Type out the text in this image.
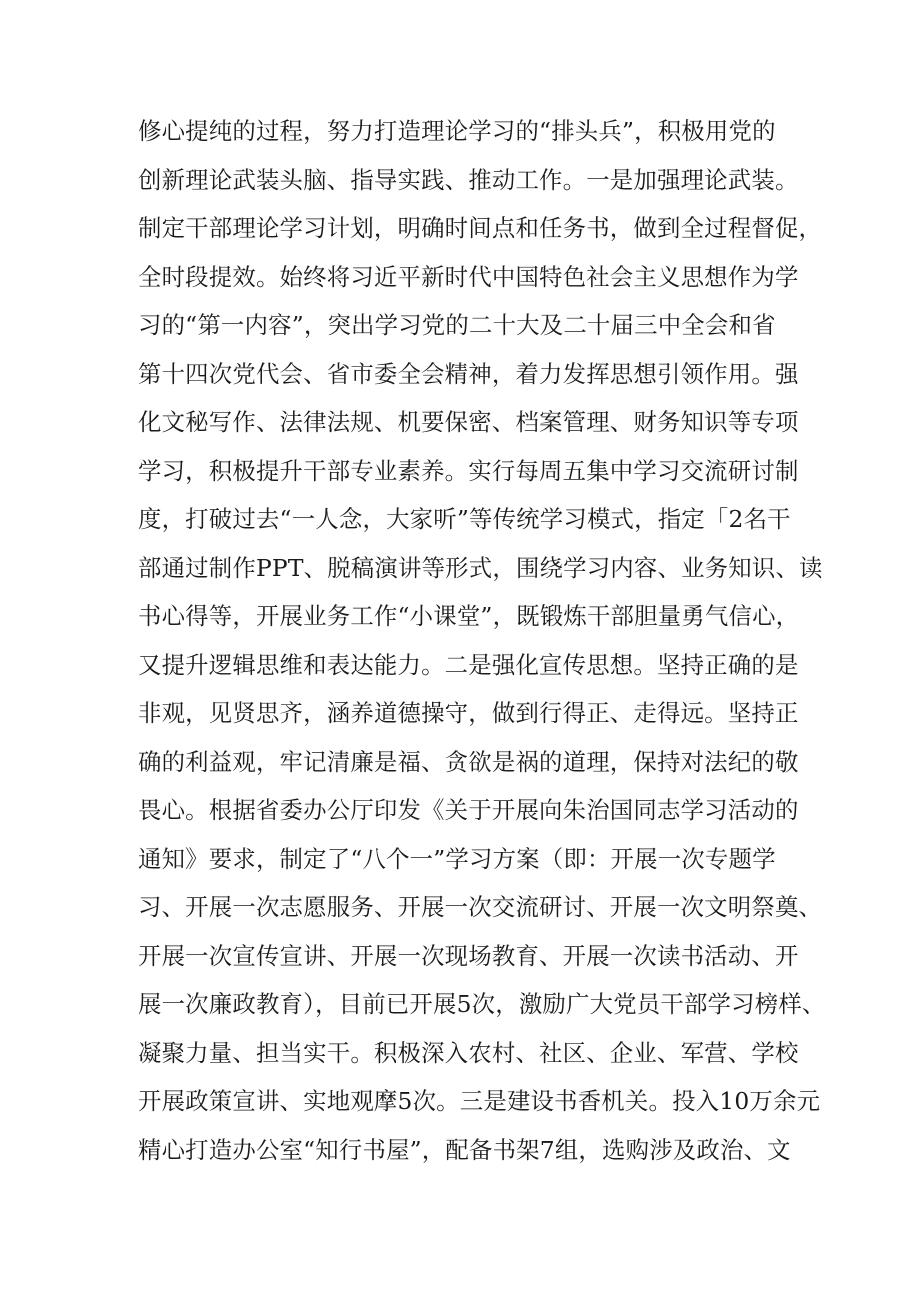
修心提纯的过程，努力打造理论学习的“排头兵”，积极用党的
创新理论武装头脑、指导实践、推动工作。一是加强理论武装。
制定干部理论学习计划，明确时间点和任务书，做到全过程督促，
全时段提效。始终将习近平新时代中国特色社会主义思想作为学
习的“第一内容”，突出学习党的二十大及二十届三中全会和省
第十四次党代会、省市委全会精神，着力发挥思想引领作用。强
化文秘写作、法律法规、机要保密、档案管理、财务知识等专项
学习，积极提升干部专业素养。实行每周五集中学习交流研讨制
度，打破过去“一人念，大家听”等传统学习模式，指定「2名干
部通过制作PPT、脱稿演讲等形式，围绕学习内容、业务知识、读
书心得等，开展业务工作“小课堂”，既锻炼干部胆量勇气信心，
又提升逻辑思维和表达能力。二是强化宣传思想。坚持正确的是
非观，见贤思齐，涵养道德操守，做到行得正、走得远。坚持正
确的利益观，牢记清廉是福、贪欲是祸的道理，保持对法纪的敬
畏心。根据省委办公厅印发《关于开展向朱治国同志学习活动的
通知》要求，制定了“八个一”学习方案（即：开展一次专题学
习、开展一次志愿服务、开展一次交流研讨、开展一次文明祭奠、
开展一次宣传宣讲、开展一次现场教育、开展一次读书活动、开
展一次廉政教育），目前已开展5次，激励广大党员干部学习榜样、
凝聚力量、担当实干。积极深入农村、社区、企业、军营、学校
开展政策宣讲、实地观摩5次。三是建设书香机关。投入10万余元
精心打造办公室“知行书屋”，配备书架7组，选购涉及政治、文
